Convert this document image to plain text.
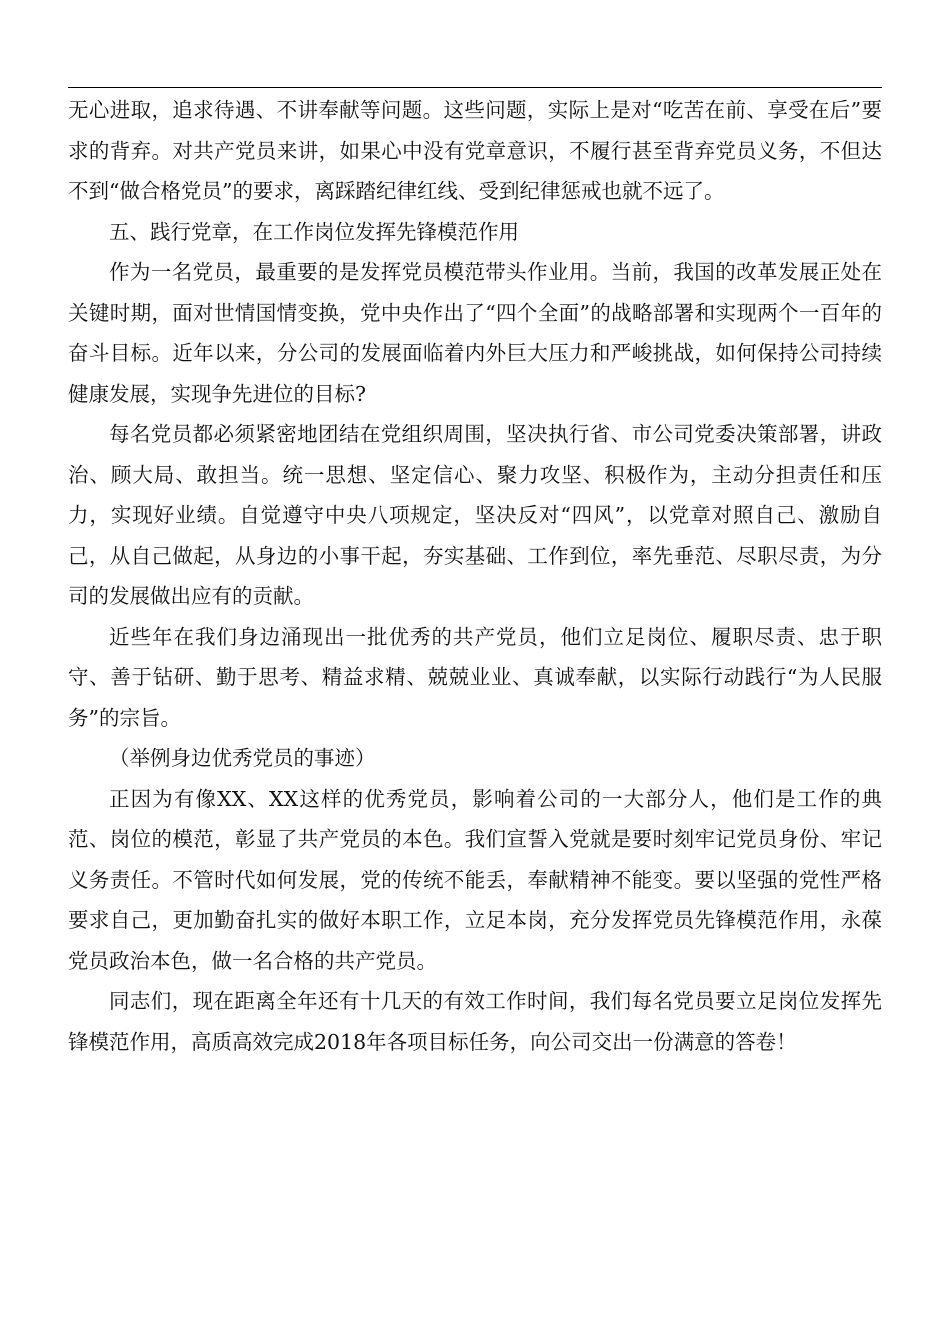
无心进取，追求待遇、不讲奉献等问题。这些问题，实际上是对“吃苦在前、享受在后”要求的背弃。对共产党员来讲，如果心中没有党章意识，不履行甚至背弃党员义务，不但达不到“做合格党员”的要求，离踩踏纪律红线、受到纪律惩戒也就不远了。

五、践行党章，在工作岗位发挥先锋模范作用

作为一名党员，最重要的是发挥党员模范带头作业用。当前，我国的改革发展正处在关键时期，面对世情国情变换，党中央作出了“四个全面”的战略部署和实现两个一百年的奋斗目标。近年以来，分公司的发展面临着内外巨大压力和严峻挑战，如何保持公司持续健康发展，实现争先进位的目标?

每名党员都必须紧密地团结在党组织周围，坚决执行省、市公司党委决策部署，讲政治、顾大局、敢担当。统一思想、坚定信心、聚力攻坚、积极作为，主动分担责任和压力，实现好业绩。自觉遵守中央八项规定，坚决反对“四风”，以党章对照自己、激励自己，从自己做起，从身边的小事干起，夯实基础、工作到位，率先垂范、尽职尽责，为分司的发展做出应有的贡献。

近些年在我们身边涌现出一批优秀的共产党员，他们立足岗位、履职尽责、忠于职守、善于钻研、勤于思考、精益求精、兢兢业业、真诚奉献，以实际行动践行“为人民服务”的宗旨。

（举例身边优秀党员的事迹）

正因为有像XX、XX这样的优秀党员，影响着公司的一大部分人，他们是工作的典范、岗位的模范，彰显了共产党员的本色。我们宣誓入党就是要时刻牢记党员身份、牢记义务责任。不管时代如何发展，党的传统不能丢，奉献精神不能变。要以坚强的党性严格要求自己，更加勤奋扎实的做好本职工作，立足本岗，充分发挥党员先锋模范作用，永葆党员政治本色，做一名合格的共产党员。

同志们，现在距离全年还有十几天的有效工作时间，我们每名党员要立足岗位发挥先锋模范作用，高质高效完成2018年各项目标任务，向公司交出一份满意的答卷！
